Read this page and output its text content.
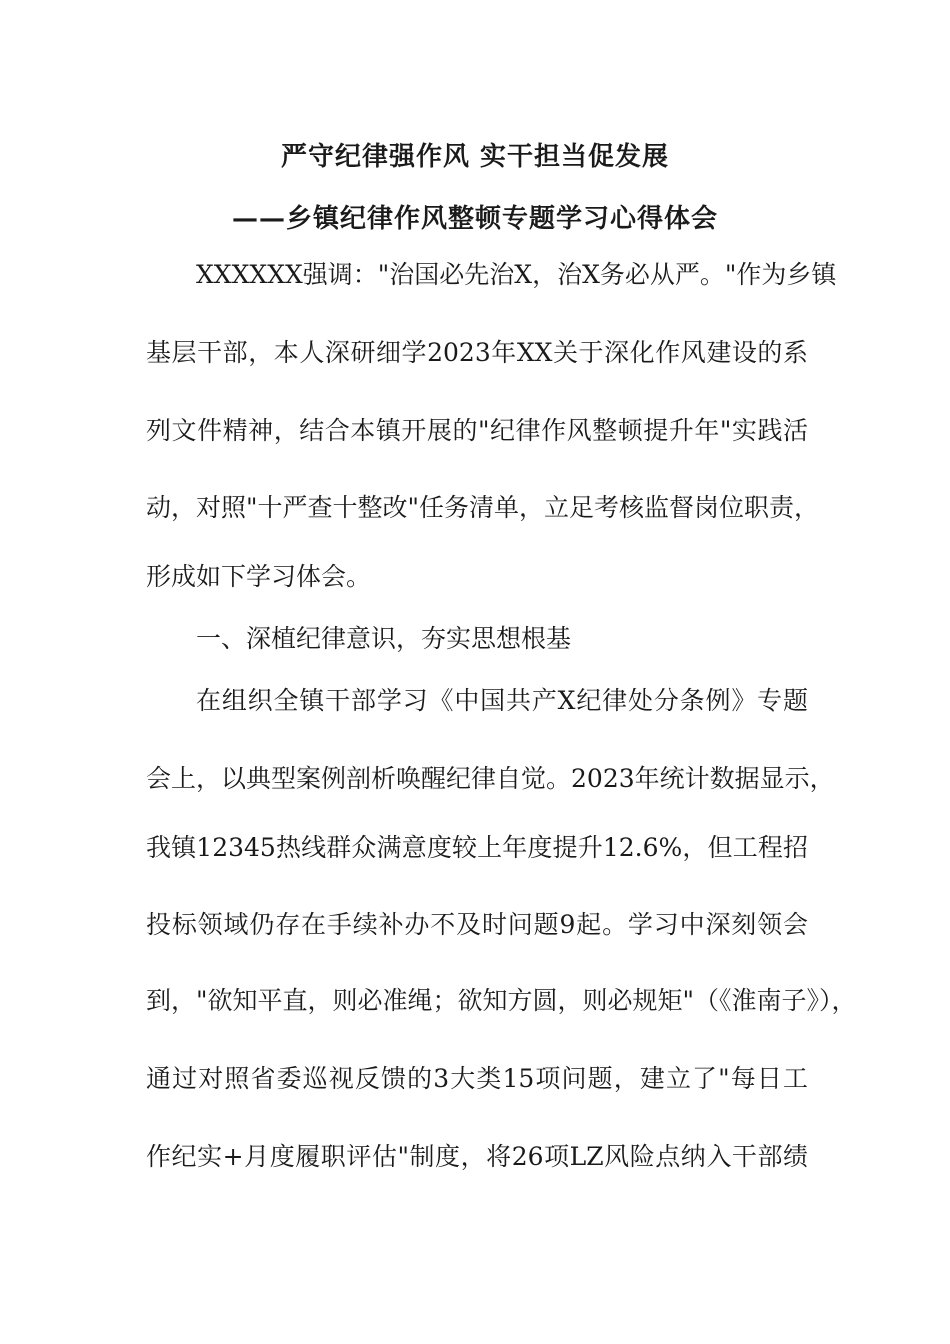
严守纪律强作风 实干担当促发展
——乡镇纪律作风整顿专题学习心得体会
XXXXXX强调："治国必先治X，治X务必从严。"作为乡镇
基层干部，本人深研细学2023年XX关于深化作风建设的系
列文件精神，结合本镇开展的"纪律作风整顿提升年"实践活
动，对照"十严查十整改"任务清单，立足考核监督岗位职责，
形成如下学习体会。
一、深植纪律意识，夯实思想根基
在组织全镇干部学习《中国共产X纪律处分条例》专题
会上，以典型案例剖析唤醒纪律自觉。2023年统计数据显示，
我镇12345热线群众满意度较上年度提升12.6%，但工程招
投标领域仍存在手续补办不及时问题9起。学习中深刻领会
到，"欲知平直，则必准绳；欲知方圆，则必规矩"（《淮南子》），
通过对照省委巡视反馈的3大类15项问题，建立了"每日工
作纪实+月度履职评估"制度，将26项LZ风险点纳入干部绩
